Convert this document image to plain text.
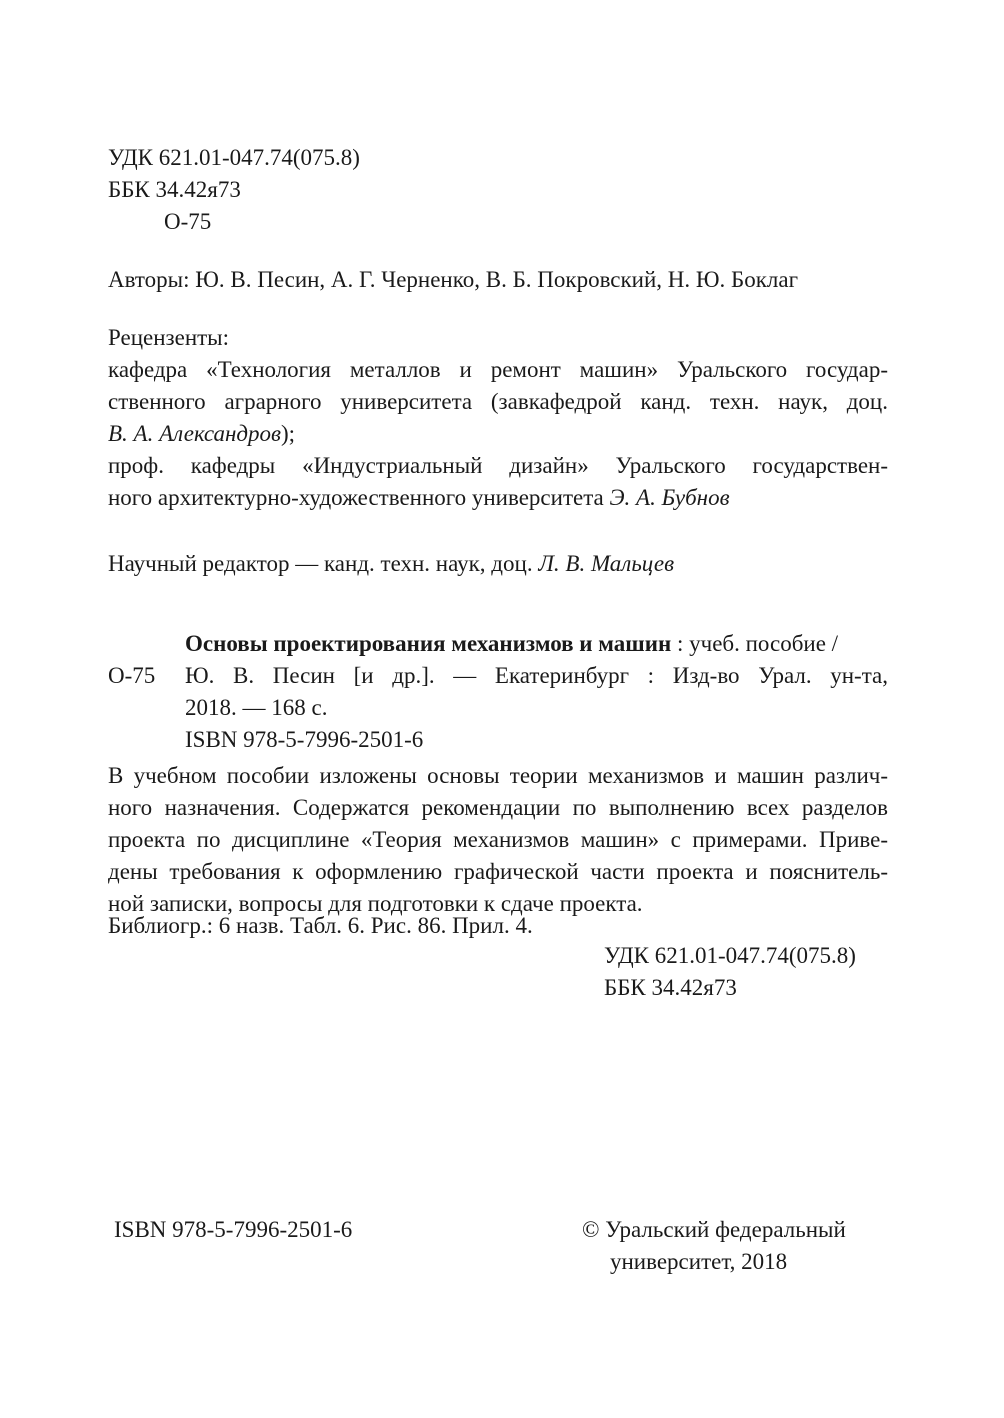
УДК 621.01-047.74(075.8)
ББК 34.42я73
О-75
Авторы: Ю. В. Песин, А. Г. Черненко, В. Б. Покровский, Н. Ю. Боклаг
Рецензенты:
кафедра «Технология металлов и ремонт машин» Уральского государ-
ственного аграрного университета (завкафедрой канд. техн. наук, доц.
В. А. Александров);
проф. кафедры «Индустриальный дизайн» Уральского государствен-
ного архитектурно-художественного университета Э. А. Бубнов
Научный редактор — канд. техн. наук, доц. Л. В. Мальцев
О-75
Основы проектирования механизмов и машин : учеб. пособие /
Ю. В. Песин [и др.]. — Екатеринбург : Изд-во Урал. ун-та,
2018. — 168 с.
ISBN 978-5-7996-2501-6
В учебном пособии изложены основы теории механизмов и машин различ-
ного назначения. Содержатся рекомендации по выполнению всех разделов
проекта по дисциплине «Теория механизмов машин» с примерами. Приве-
дены требования к оформлению графической части проекта и пояснитель-
ной записки, вопросы для подготовки к сдаче проекта.
Библиогр.: 6 назв. Табл. 6. Рис. 86. Прил. 4.
УДК 621.01-047.74(075.8)
ББК 34.42я73
ISBN 978-5-7996-2501-6	© Уральский федеральный
университет, 2018
